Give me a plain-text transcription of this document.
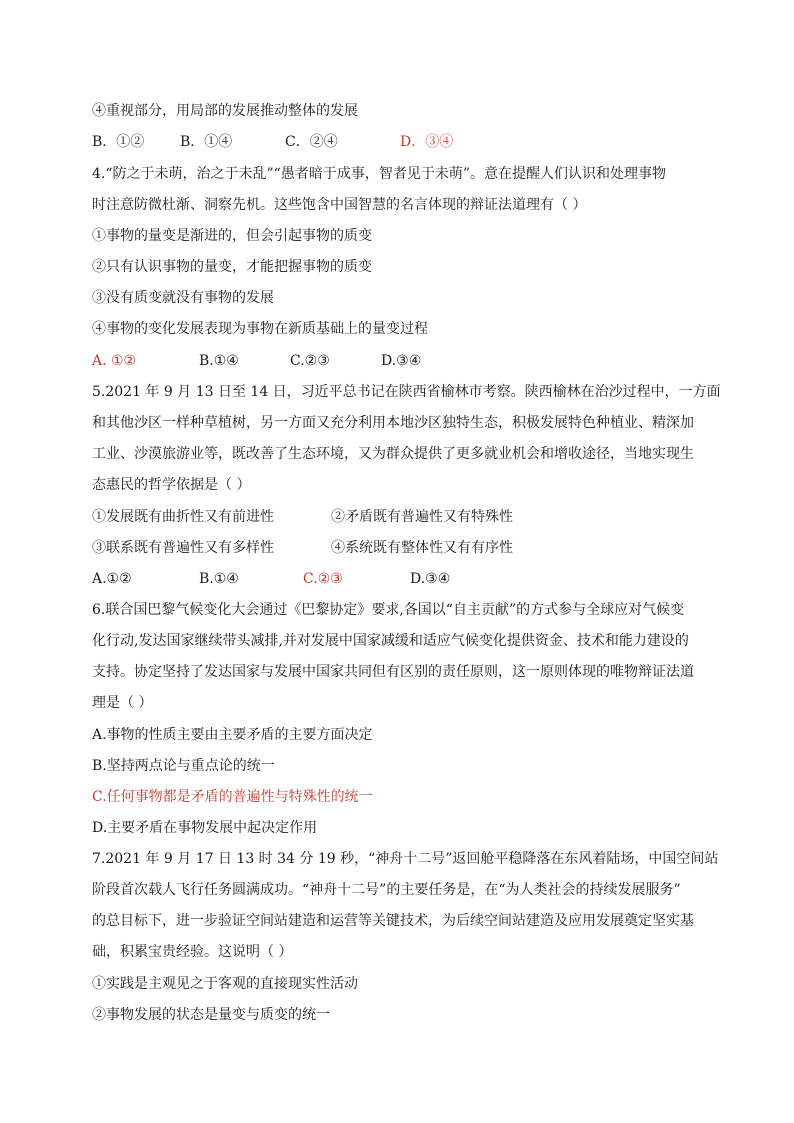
④重视部分，用局部的发展推动整体的发展
B．①②	B．①④	C．②④	D．③④
4.“防之于未萌，治之于未乱”“愚者暗于成事，智者见于未萌”。意在提醒人们认识和处理事物
时注意防微杜渐、洞察先机。这些饱含中国智慧的名言体现的辩证法道理有（ ）
①事物的量变是渐进的，但会引起事物的质变
②只有认识事物的量变，才能把握事物的质变
③没有质变就没有事物的发展
④事物的变化发展表现为事物在新质基础上的量变过程
A. ①②	B.①④	C.②③	D.③④
5.2021 年 9 月 13 日至 14 日，习近平总书记在陕西省榆林市考察。陕西榆林在治沙过程中，一方面
和其他沙区一样种草植树，另一方面又充分利用本地沙区独特生态，积极发展特色种植业、精深加
工业、沙漠旅游业等，既改善了生态环境，又为群众提供了更多就业机会和增收途径，当地实现生
态惠民的哲学依据是（ ）
①发展既有曲折性又有前进性	②矛盾既有普遍性又有特殊性
③联系既有普遍性又有多样性	④系统既有整体性又有有序性
A.①②	B.①④	C.②③	D.③④
6.联合国巴黎气候变化大会通过《巴黎协定》要求,各国以“自主贡献”的方式参与全球应对气候变
化行动,发达国家继续带头减排,并对发展中国家减缓和适应气候变化提供资金、技术和能力建设的
支持。协定坚持了发达国家与发展中国家共同但有区别的责任原则，这一原则体现的唯物辩证法道
理是（ ）
A.事物的性质主要由主要矛盾的主要方面决定
B.坚持两点论与重点论的统一
C.任何事物都是矛盾的普遍性与特殊性的统一
D.主要矛盾在事物发展中起决定作用
7.2021 年 9 月 17 日 13 时 34 分 19 秒，“神舟十二号”返回舱平稳降落在东风着陆场，中国空间站
阶段首次载人飞行任务圆满成功。“神舟十二号”的主要任务是，在“为人类社会的持续发展服务”
的总目标下，进一步验证空间站建造和运营等关键技术，为后续空间站建造及应用发展奠定坚实基
础，积累宝贵经验。这说明（ ）
①实践是主观见之于客观的直接现实性活动
②事物发展的状态是量变与质变的统一
